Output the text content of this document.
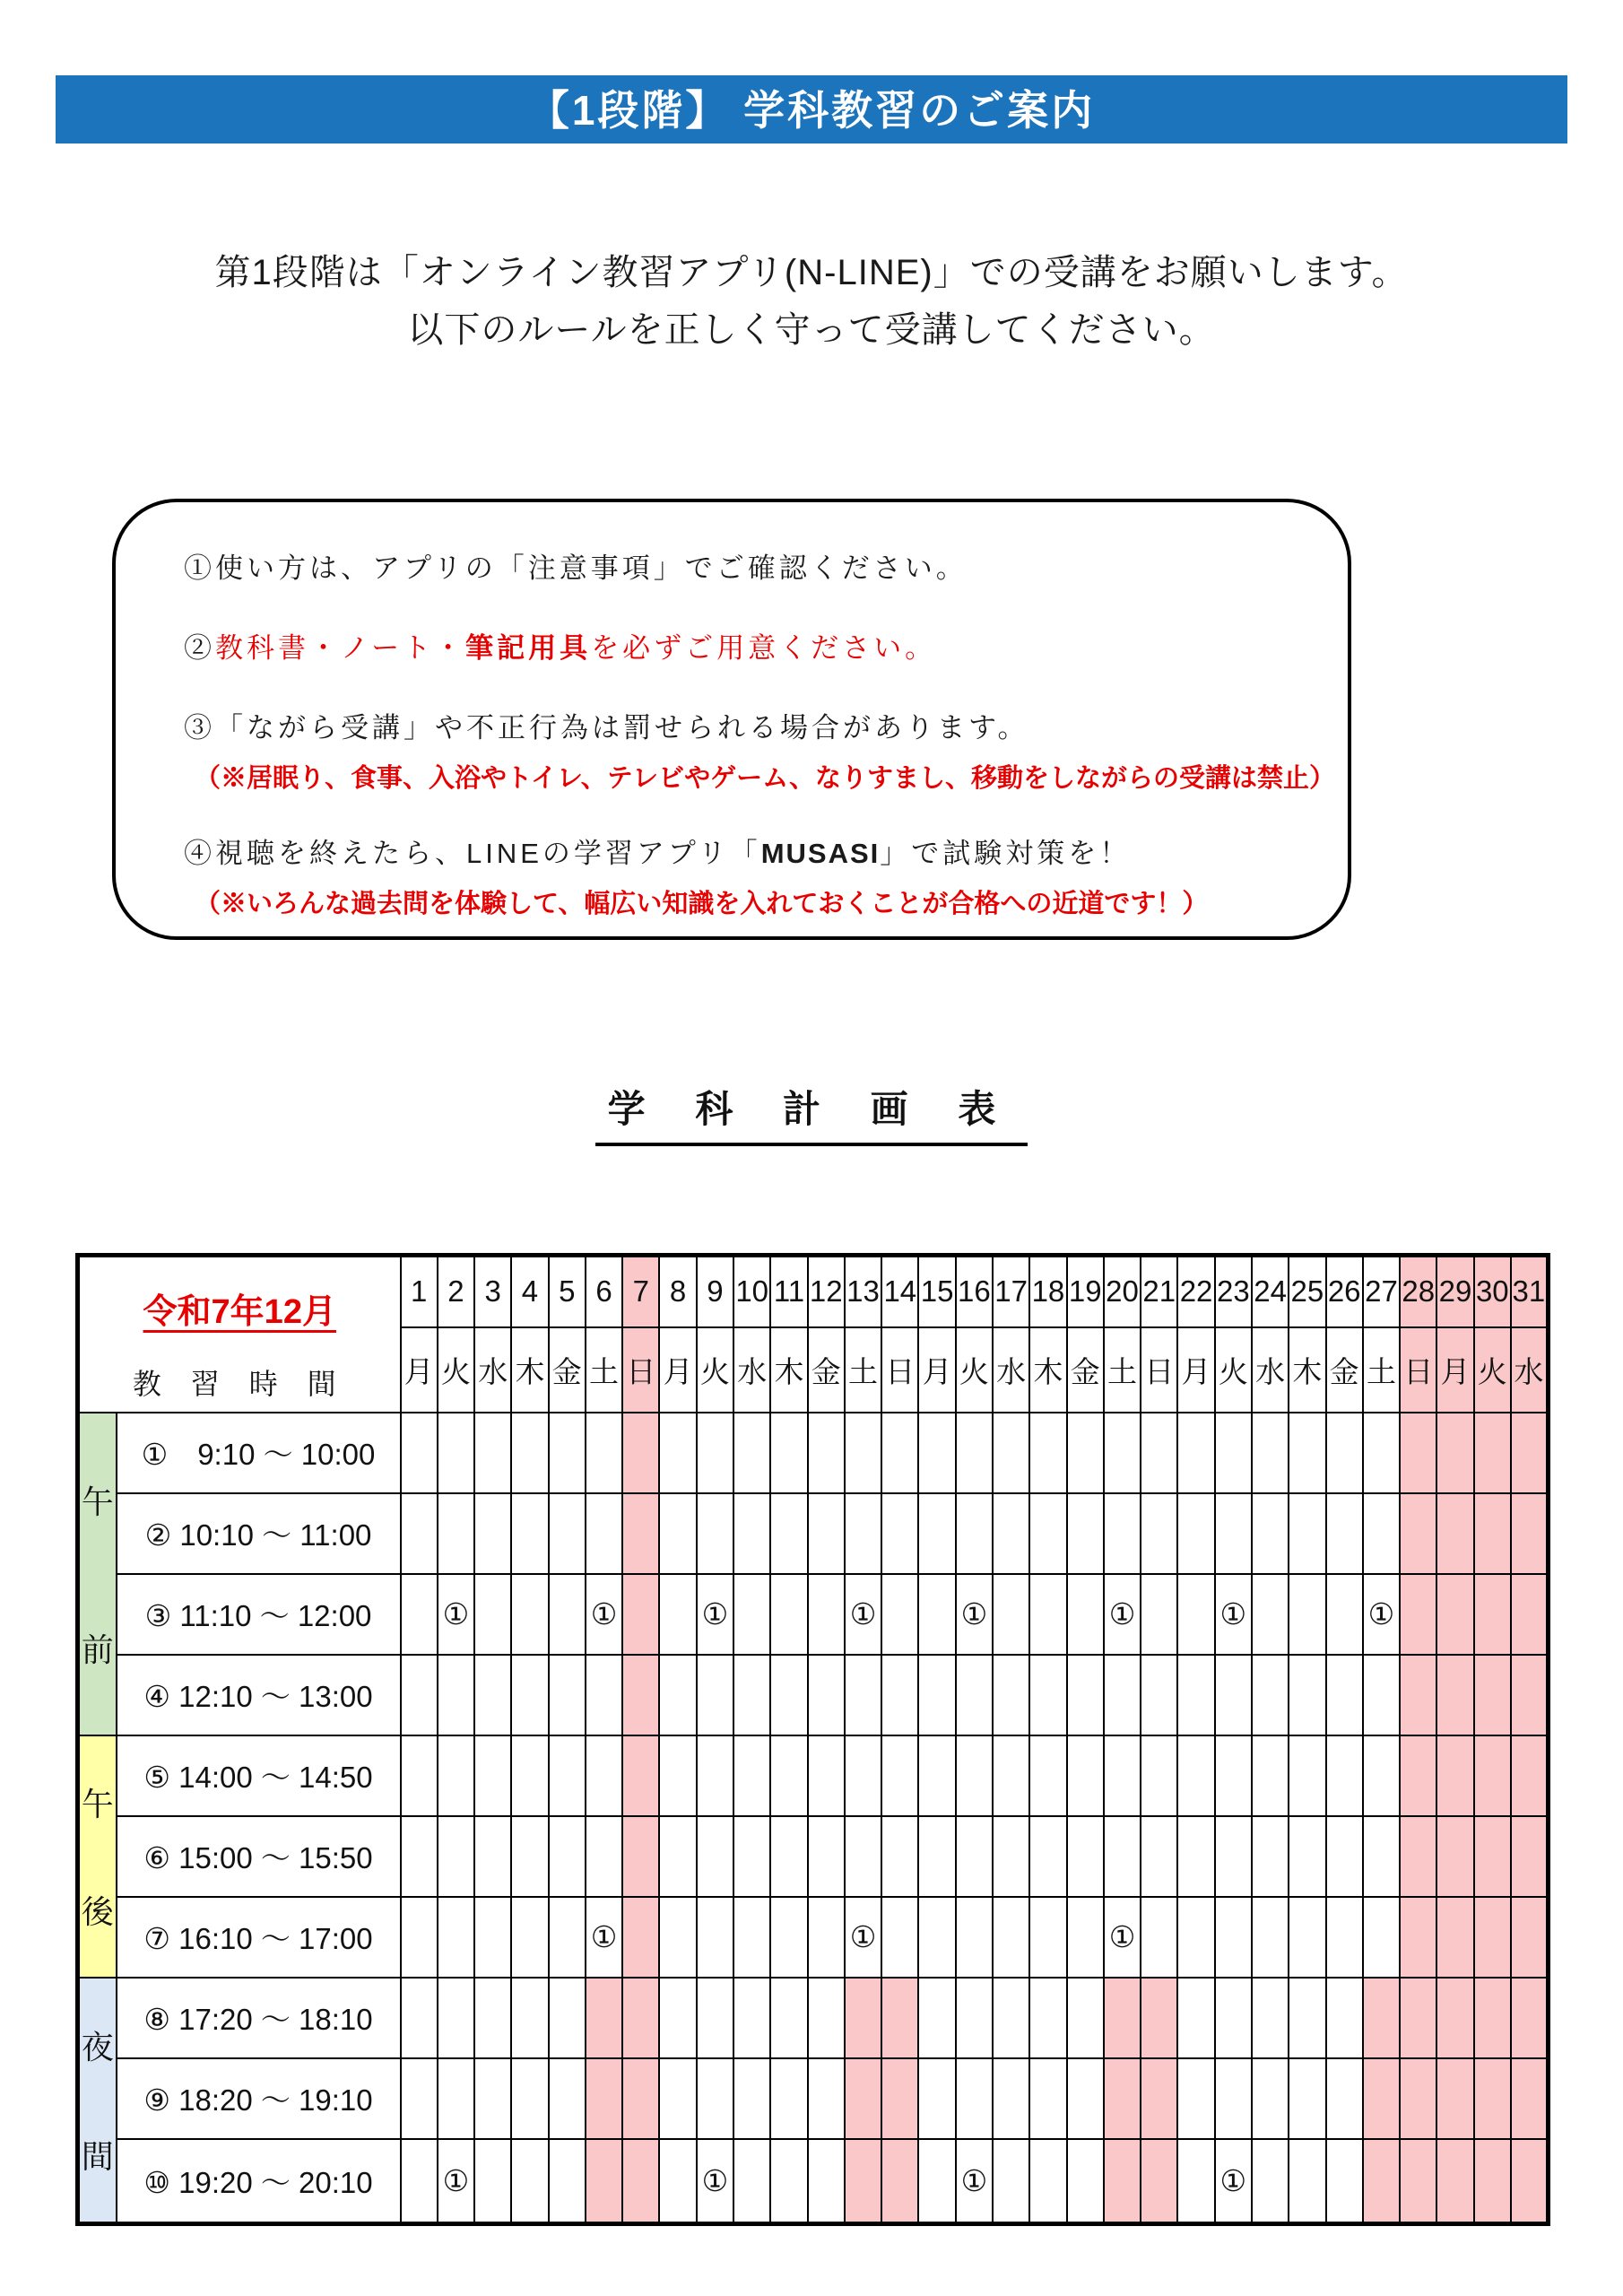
【1段階】 学科教習のご案内
第1段階は「オンライン教習アプリ(N-LINE)」での受講をお願いします。
以下のルールを正しく守って受講してください。
①使い方は、アプリの「注意事項」でご確認ください。
②教科書・ノート・筆記用具を必ずご用意ください。
③「ながら受講」や不正行為は罰せられる場合があります。
（※居眠り、食事、入浴やトイレ、テレビやゲーム、なりすまし、移動をしながらの受講は禁止）
④視聴を終えたら、LINEの学習アプリ「MUSASI」で試験対策を！
（※いろんな過去問を体験して、幅広い知識を入れておくことが合格への近道です！）
学 科 計 画 表
令和7年12月
教 習 時 間		1	2	3	4	5	6	7	8	9	10	11	12	13	14	15	16	17	18	19	20	21	22	23	24	25	26	27	28	29	30	31
		月	火	水	木	金	土	日	月	火	水	木	金	土	日	月	火	水	木	金	土	日	月	火	水	木	金	土	日	月	火	水

午
前	①　9:10 ～ 10:00																															
	② 10:10 ～ 11:00																															
	③ 11:10 ～ 12:00		①				①			①				①			①				①			①				①				
	④ 12:10 ～ 13:00																															

午
後	⑤ 14:00 ～ 14:50																															
	⑥ 15:00 ～ 15:50																															
	⑦ 16:10 ～ 17:00						①							①							①											

夜
間	⑧ 17:20 ～ 18:10																															
	⑨ 18:20 ～ 19:10																															
	⑩ 19:20 ～ 20:10		①							①							①							①								
